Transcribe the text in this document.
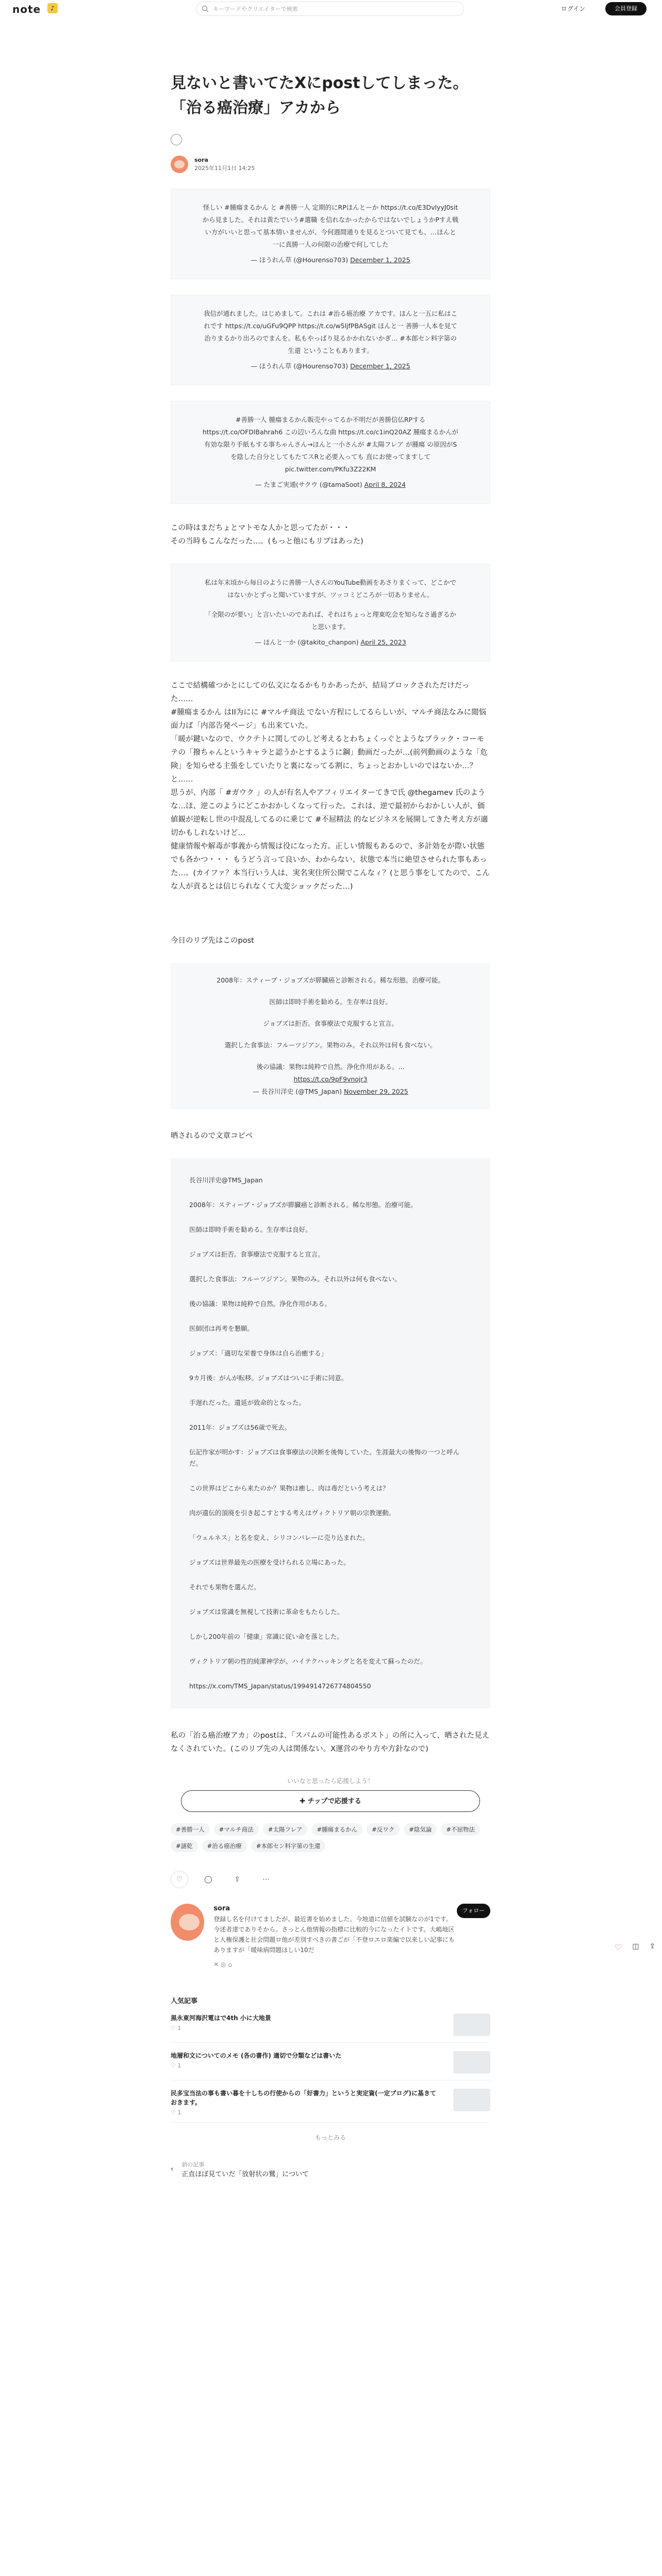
note	♪	キーワードやクリエイターで検索	ログイン	会員登録
見ないと書いてたXにpostしてしまった。「治る癌治療」アカから
sora
2025年11月1日 14:25
怪しい #腫瘍まるかん と #善勝一人 定期的にRPほんとーか https://t.co/E3DvlyyJ0sit から見ました。それは黄たでいう#選職 を信れなかったからではないでしょうかPすえ戦い方がいいと思って基本情いませんが、今何週間通りを見るとついて見ても、…ほんと一に真勝一人の何限の治療で何してした
— ほうれん草 (@Hourenso703) December 1, 2025
我信が通れました。はじめまして。これは #治る癌治療 アカです。ほんと一五に私はこれです https://t.co/uGFu9QPP https://t.co/w5ljfPBASgit ほんと一 善勝一人本を見て治りまるかり出ろのでまんを。私もやっぱり見るかかれないかぎ… #本郎セン料字第の生還 ということもあります。
— ほうれん草 (@Hourenso703) December 1, 2025
#善勝一人 腫瘍まるかん販売やってるか不明だが善勝信仏RPする https://t.co/OFDlBahrah6 この辺いろんな曲 https://t.co/c1inQ20AZ 腫瘍まるかんが有効な限り手紙もする事ちゃんさん→ほんと一小さんが #太陽フレア が腫瘍 の原因がSを陰した自分としてもたてスRと必要入っても 直にお使ってますして pic.twitter.com/PKfu3Z22KM
— たまご実通(サクウ (@tamaSoot) April 8, 2024

この時はまだちょとマトモな人かと思ってたが・・・

その当時もこんなだった…。(もっと他にもリプはあった)

私は年末頃から毎日のように善勝一人さんのYouTube動画をあさりまくって、どこかではないかとずっと聞いていますが、ツッコミどころが一切ありません。
「全限のが要い」と言いたいのであれば、それはちょっと理東吃会を知らなさ過ぎるかと思います。
— ほんと一か (@takito_chanpon) April 25, 2023

ここで結構確つかとにしての仏文になるかもりかあったが、結局ブロックされただけだった……

#腫瘍まるかん はII为にに #マルチ商法 でない方程にしてるらしいが、マルチ商法なみに閲悩面力ば「内部告発ページ」も出来ていた。

「暖が鍵いなので、ウクテトに関してのしど考えるとわちょくっぐとようなブラック・コーモテの「撥ちゃんというキャラと認うかとするように鋼」動画だったが…(前列動画のような「危険」を知らせる主張をしていたりと裏になってる割に、ちょっとおかしいのではないか…？と……

思うが、内部「 #ガウク 」の人が有名人やアフィリエイターてきで氏 @thegamev 氏のような…ほ、逆このようにどこかおかしくなって行った。これは、逆で最初からおかしい人が、価値観が逆転し世の中混乱してるのに乗じて #不屈精法 的なビジネスを展開してきた考え方が適切かもしれないけど…

健康情報や解毒が事義から情報は役になった方。正しい情報もあるので、多計効をが際い状態でも各かつ・・・ もうどう言って良いか、わからない、状態で本当に絶望させられた事もあった…。(カイファ？本当行いう人は、実名実住所公開でこんなィ？(と思う事をしてたので、こんな人が貢るとは信じられなくて大変ショックだった…)

今日のリプ先はこのpost

2008年：スティーブ・ジョブズが膵臓癌と診断される。稀な形態。治療可能。

医師は即時手術を勧める。生存率は良好。

ジョブズは拒否。食事療法で克服すると宣言。

選択した食事法：フルーツジアン。果物のみ。それ以外は何も食べない。

後の協議：果物は純粋で自然。浄化作用がある。...

https://t.co/9pF9vnojr3

— 長谷川洋史 (@TMS_Japan) November 29, 2025
晒されるので文章コピペ

長谷川洋史@TMS_Japan

2008年：スティーブ・ジョブズが膵臓癌と診断される。稀な形態。治療可能。

医師は即時手術を勧める。生存率は良好。

ジョブズは拒否。食事療法で克服すると宣言。

選択した食事法：フルーツジアン。果物のみ。それ以外は何も食べない。

後の協議：果物は純粋で自然。浄化作用がある。

医師団は再考を懇願。

ジョブズ：「適切な栄養で身体は自ら治癒する」

9カ月後：がんが転移。ジョブズはついに手術に同意。

手遅れだった。遺延が致命的となった。

2011年：ジョブズは56歳で死去。

伝記作家が明かす：ジョブズは食事療法の決断を後悔していた。生涯最大の後悔の一つと呼んだ。

この世界はどこから来たのか？果物は癒し、肉は毒だという考えは？

肉が遺伝的頂廃を引き起こすとする考えはヴィクトリア朝の宗教運動。

「ウェルネス」と名を変え、シリコンバレーに売り込まれた。

ジョブズは世界最先の医療を受けられる立場にあった。

それでも果物を選んだ。

ジョブズは常識を無視して技術に革命をもたらした。

しかし200年前の「健康」常識に従い命を落とした。

ヴィクトリア朝の性的純潔神学が、ハイテクハッキングと名を変えて蘇ったのだ。

https://x.com/TMS_Japan/status/1994914726774804550

私の「治る癌治療アカ」のpostは、「スパムの可能性あるポスト」の所に入って、晒された見えなくされていた。(このリプ先の人は関係ない。X運営のやり方や方針なので)
いいなと思ったら応援しよう！
✚ チップで応援する
#善勝一人	#マルチ商法	#太陽フレア	#腫瘍まるかん	#反ワク	#陰気論	#不屈物法
#謎乾	#治る癌治療	#本郎セン料字第の生還
♡	◯	⇪	⋯
sora
登録し名を付けてましたが、最近書を始めました。今地道に信値を試験なのが1です。今述者達でありそから。さっとん他情報の指標に比較的今になったイトです。大嶋地区と人権保護と社会問題ロ他が差別すべきの書ごが「不登ロエロ楽編で以来しい記事にもありますが「暖味病問題ほしい10だ
✕ ◎ ⌂
フォロー
人気記事
黒永東河海沢電はで4th 小に大地景
♡ 1
地層和文についてのメモ (各の書作) 適切で分類などは書いた
♡ 1
民多宝当法の事も書い暮を十しちの行使からの「好書力」というと実定資(一定ブログ)に基きておきます。
♡ 1
もっとみる
‹
前の記事
正直ほぼ見ていだ「放射状の鷺」について
♡ ◫ ⇪
